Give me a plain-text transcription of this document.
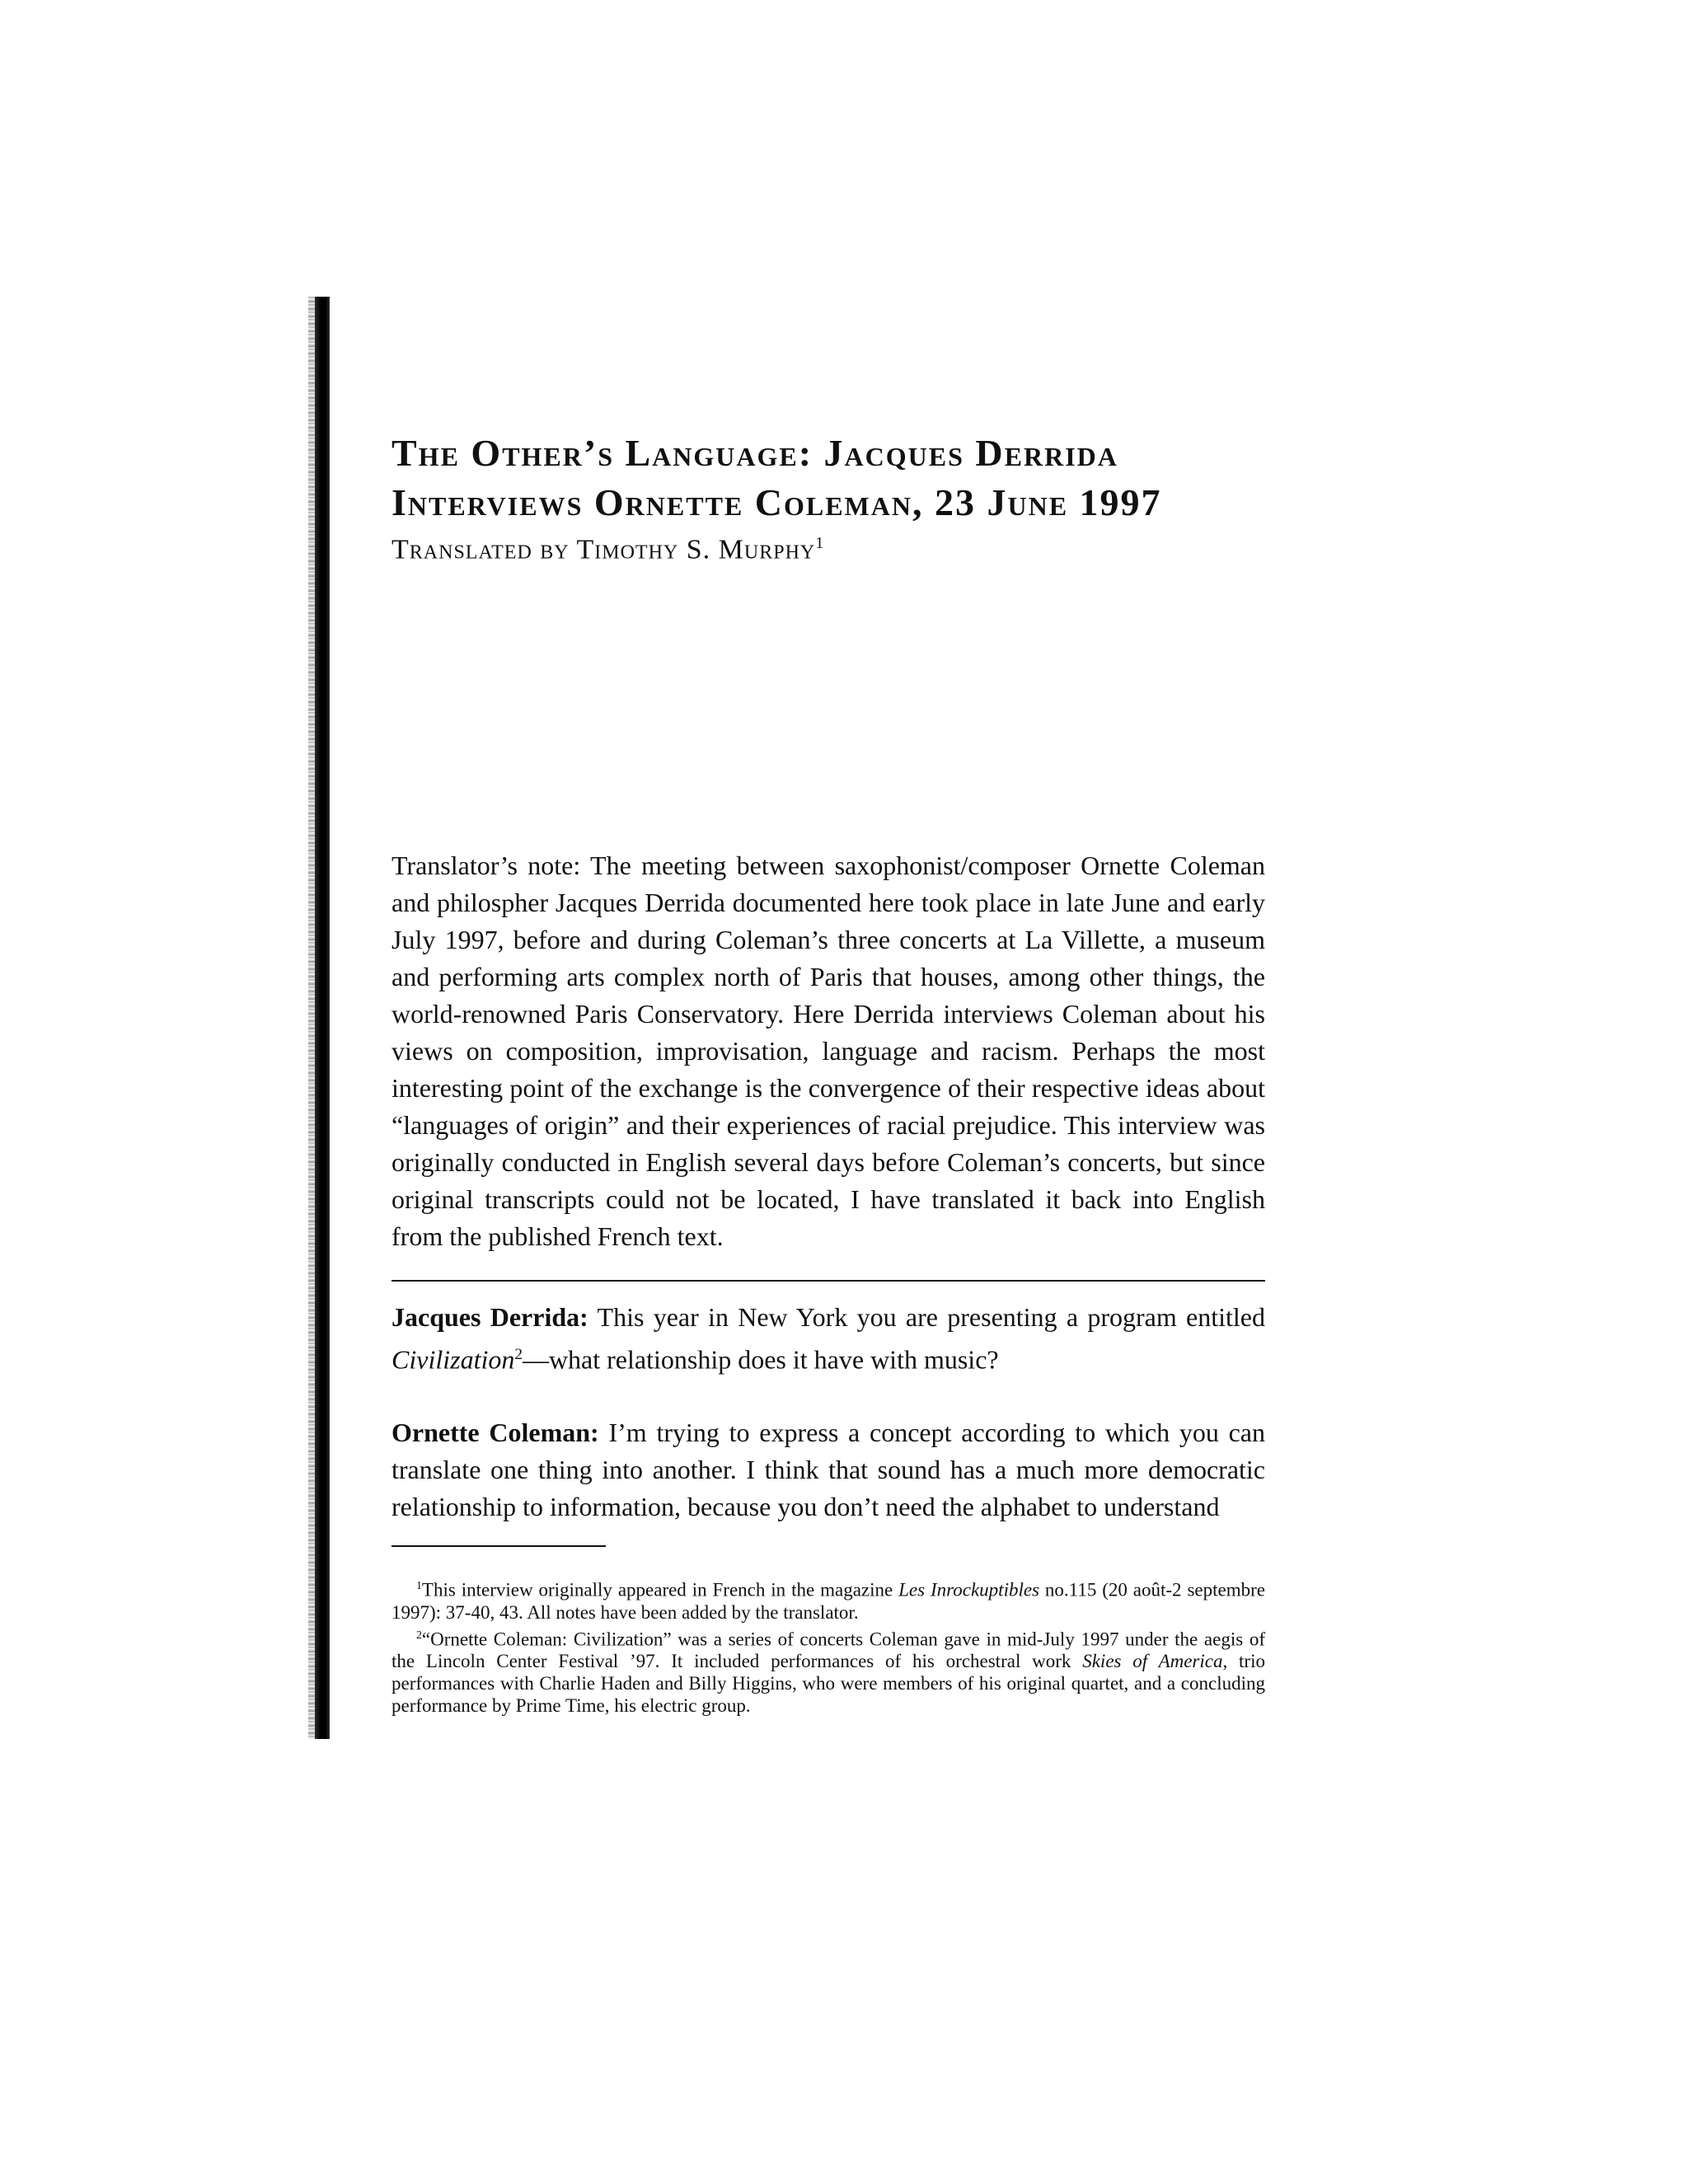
The Other’s Language: Jacques Derrida
Interviews Ornette Coleman, 23 June 1997
Translated by Timothy S. Murphy$^1$

Translator’s note: The meeting between saxophonist/composer Ornette Coleman and philospher Jacques Derrida documented here took place in late June and early July 1997, before and during Coleman’s three concerts at La Villette, a museum and performing arts complex north of Paris that houses, among other things, the world-renowned Paris Conservatory. Here Derrida interviews Coleman about his views on composition, improvisation, language and racism. Perhaps the most interesting point of the exchange is the convergence of their respective ideas about “languages of origin” and their experiences of racial prejudice. This interview was originally conducted in English several days before Coleman’s concerts, but since original transcripts could not be located, I have translated it back into English from the published French text.

Jacques Derrida: This year in New York you are presenting a program entitled Civilization$^2$—what relationship does it have with music?

Ornette Coleman: I’m trying to express a concept according to which you can translate one thing into another. I think that sound has a much more democratic relationship to information, because you don’t need the alphabet to understand

$^1$This interview originally appeared in French in the magazine Les Inrockuptibles no.115 (20 août-2 septembre 1997): 37-40, 43. All notes have been added by the translator.

$^2$“Ornette Coleman: Civilization” was a series of concerts Coleman gave in mid-July 1997 under the aegis of the Lincoln Center Festival ’97. It included performances of his orchestral work Skies of America, trio performances with Charlie Haden and Billy Higgins, who were members of his original quartet, and a concluding performance by Prime Time, his electric group.
